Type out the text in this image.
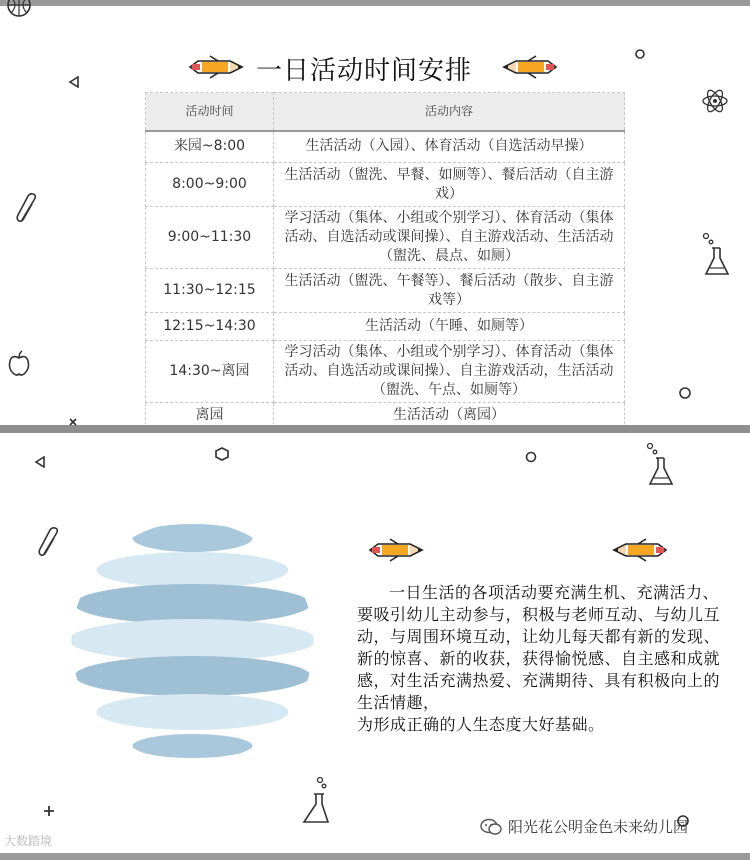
一日活动时间安排
活动时间	活动内容
来园~8:00	生活活动（入园）、体育活动（自选活动早操）
8:00~9:00	生活活动（盥洗、早餐、如厕等）、餐后活动（自主游戏）
9:00~11:30	学习活动（集体、小组或个别学习）、体育活动（集体活动、自选活动或课间操）、自主游戏活动、生活活动（盥洗、晨点、如厕）
11:30~12:15	生活活动（盥洗、午餐等）、餐后活动（散步、自主游戏等）
12:15~14:30	生活活动（午睡、如厕等）
14:30~离园	学习活动（集体、小组或个别学习）、体育活动（集体活动、自选活动或课间操）、自主游戏活动，生活活动（盥洗、午点、如厕等）
离园	生活活动（离园）

一日生活的各项活动要充满生机、充满活力、要吸引幼儿主动参与，积极与老师互动、与幼儿互动，与周围环境互动，让幼儿每天都有新的发现、新的惊喜、新的收获，获得愉悦感、自主感和成就感，对生活充满热爱、充满期待、具有积极向上的生活情趣，

为形成正确的人生态度大好基础。

大数踏境
阳光花公明金色未来幼儿园
